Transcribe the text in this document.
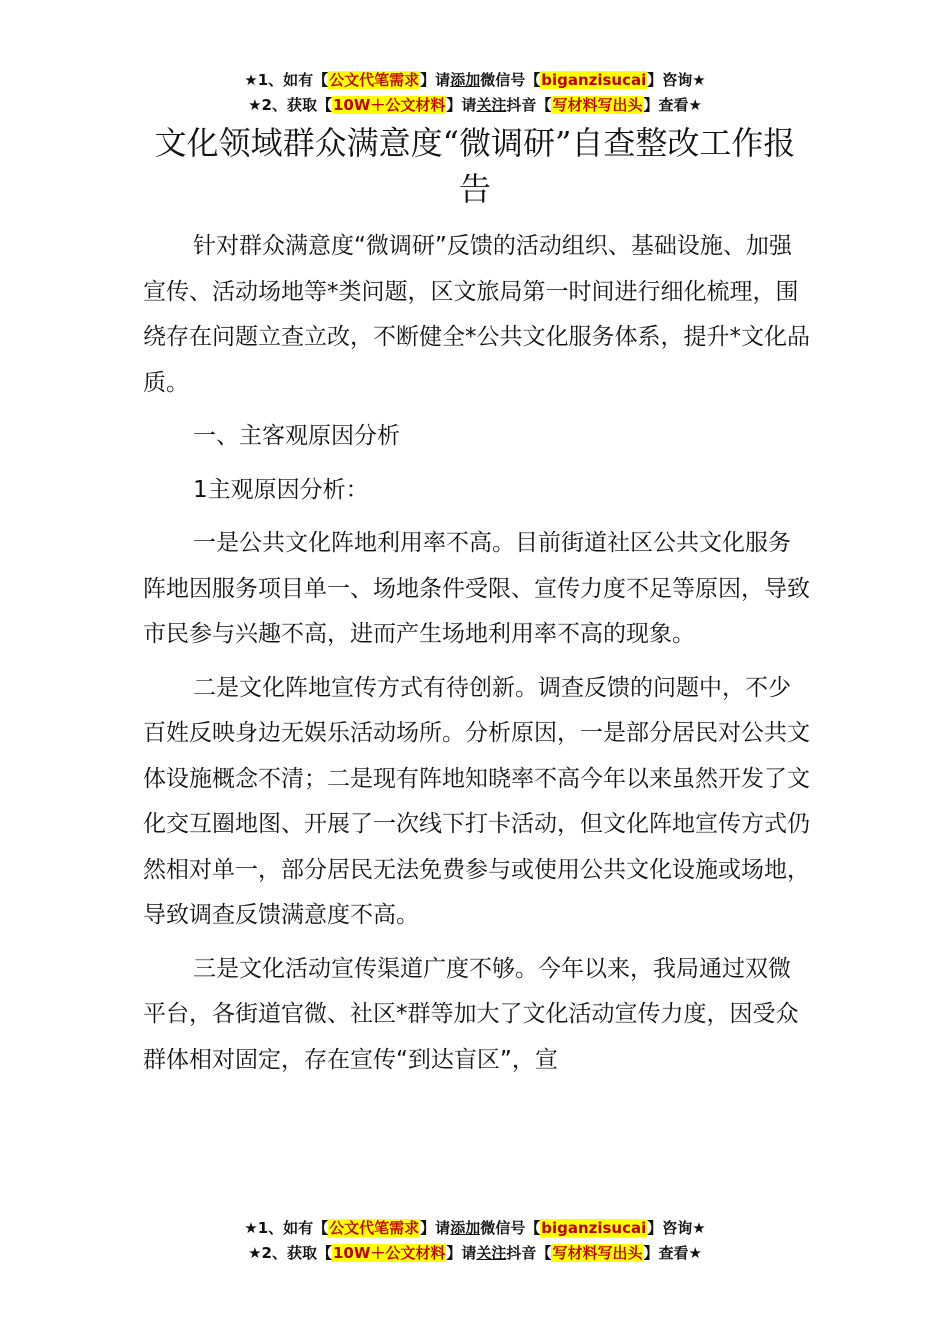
★1、如有【公文代笔需求】请添加微信号【biganzisucai】咨询★
★2、获取【10W＋公文材料】请关注抖音【写材料写出头】查看★
文化领域群众满意度“微调研”自查整改工作报告

针对群众满意度“微调研”反馈的活动组织、基础设施、加强宣传、活动场地等*类问题，区文旅局第一时间进行细化梳理，围绕存在问题立查立改，不断健全*公共文化服务体系，提升*文化品质。

一、主客观原因分析

1主观原因分析：

一是公共文化阵地利用率不高。目前街道社区公共文化服务阵地因服务项目单一、场地条件受限、宣传力度不足等原因，导致市民参与兴趣不高，进而产生场地利用率不高的现象。

二是文化阵地宣传方式有待创新。调查反馈的问题中，不少百姓反映身边无娱乐活动场所。分析原因，一是部分居民对公共文体设施概念不清；二是现有阵地知晓率不高今年以来虽然开发了文化交互圈地图、开展了一次线下打卡活动，但文化阵地宣传方式仍然相对单一，部分居民无法免费参与或使用公共文化设施或场地，导致调查反馈满意度不高。

三是文化活动宣传渠道广度不够。今年以来，我局通过双微平台，各街道官微、社区*群等加大了文化活动宣传力度，因受众群体相对固定，存在宣传“到达盲区”，宣

★1、如有【公文代笔需求】请添加微信号【biganzisucai】咨询★
★2、获取【10W＋公文材料】请关注抖音【写材料写出头】查看★
